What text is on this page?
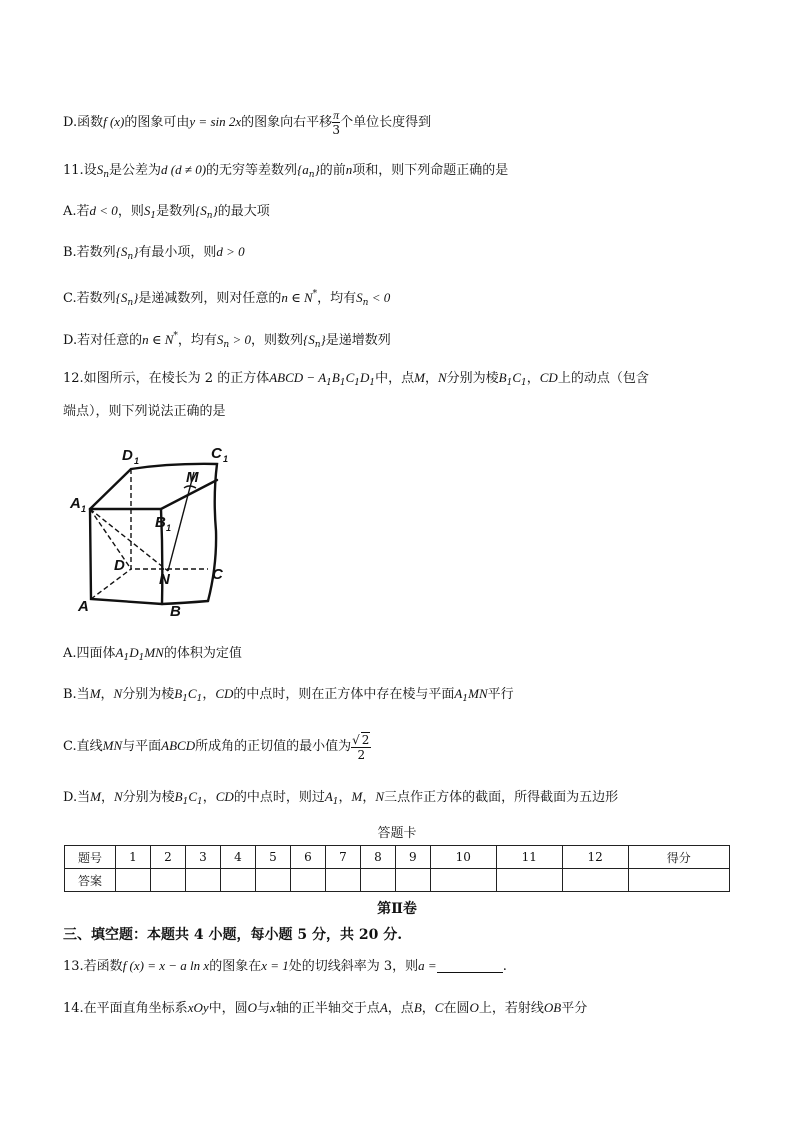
D.函数f (x)的图象可由y = sin 2x的图象向右平移 $\frac{\pi}{3}$ 个单位长度得到
11.设$S_n$是公差为d (d ≠ 0)的无穷等差数列$\{a_n\}$的前n项和，则下列命题正确的是
A.若d < 0，则$S_1$是数列$\{S_n\}$的最大项
B.若数列$\{S_n\}$有最小项，则d > 0
C.若数列$\{S_n\}$是递减数列，则对任意的n ∈ N*，均有$S_n < 0$
D.若对任意的n ∈ N*，均有$S_n > 0$，则数列$\{S_n\}$是递增数列
12.如图所示，在棱长为 2 的正方体ABCD − $A_1B_1C_1D_1$中，点M，N分别为棱$B_1C_1$，CD上的动点（包含
端点），则下列说法正确的是
D 1	C 1
M
A 1
B 1
D
N	C
A	B
A.四面体$A_1D_1MN$的体积为定值
B.当M，N分别为棱$B_1C_1$，CD的中点时，则在正方体中存在棱与平面$A_1MN$平行
C.直线MN与平面ABCD所成角的正切值的最小值为 $\frac{√ 2}{2}$
D.当M，N分别为棱$B_1C_1$，CD的中点时，则过$A_1$，M，N三点作正方体的截面，所得截面为五边形
答题卡
题号	1	2	3	4	5	6	7	8	9	10	11	12	得分
答案													
第Ⅱ卷
三、填空题：本题共 4 小题，每小题 5 分，共 20 分.
13.若函数f (x) = x − a ln x的图象在x = 1处的切线斜率为 3，则a =	.
14.在平面直角坐标系xOy中，圆O与x轴的正半轴交于点A，点B，C在圆O上，若射线OB平分
